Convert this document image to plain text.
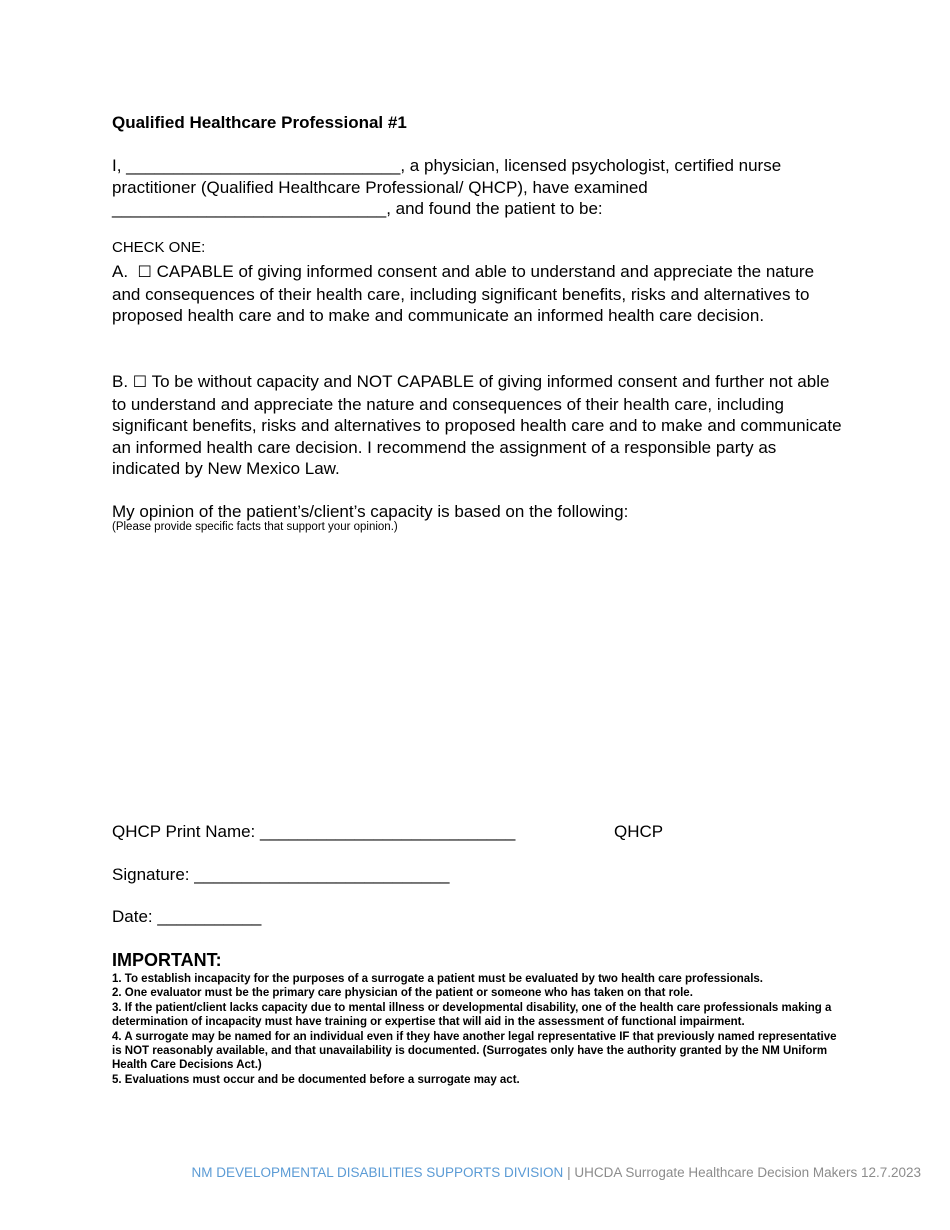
Qualified Healthcare Professional #1
I, _____________________________, a physician, licensed psychologist, certified nurse practitioner (Qualified Healthcare Professional/ QHCP), have examined _____________________________, and found the patient to be:
CHECK ONE:
A. ☐ CAPABLE of giving informed consent and able to understand and appreciate the nature and consequences of their health care, including significant benefits, risks and alternatives to proposed health care and to make and communicate an informed health care decision.
B. ☐ To be without capacity and NOT CAPABLE of giving informed consent and further not able to understand and appreciate the nature and consequences of their health care, including significant benefits, risks and alternatives to proposed health care and to make and communicate an informed health care decision. I recommend the assignment of a responsible party as indicated by New Mexico Law.
My opinion of the patient’s/client’s capacity is based on the following:
(Please provide specific facts that support your opinion.)
QHCP Print Name: ___________________________	QHCP
Signature: ___________________________
Date: ___________
IMPORTANT:
1. To establish incapacity for the purposes of a surrogate a patient must be evaluated by two health care professionals.
2. One evaluator must be the primary care physician of the patient or someone who has taken on that role.
3. If the patient/client lacks capacity due to mental illness or developmental disability, one of the health care professionals making a determination of incapacity must have training or expertise that will aid in the assessment of functional impairment.
4. A surrogate may be named for an individual even if they have another legal representative IF that previously named representative is NOT reasonably available, and that unavailability is documented. (Surrogates only have the authority granted by the NM Uniform Health Care Decisions Act.)
5. Evaluations must occur and be documented before a surrogate may act.
NM DEVELOPMENTAL DISABILITIES SUPPORTS DIVISION | UHCDA Surrogate Healthcare Decision Makers 12.7.2023
